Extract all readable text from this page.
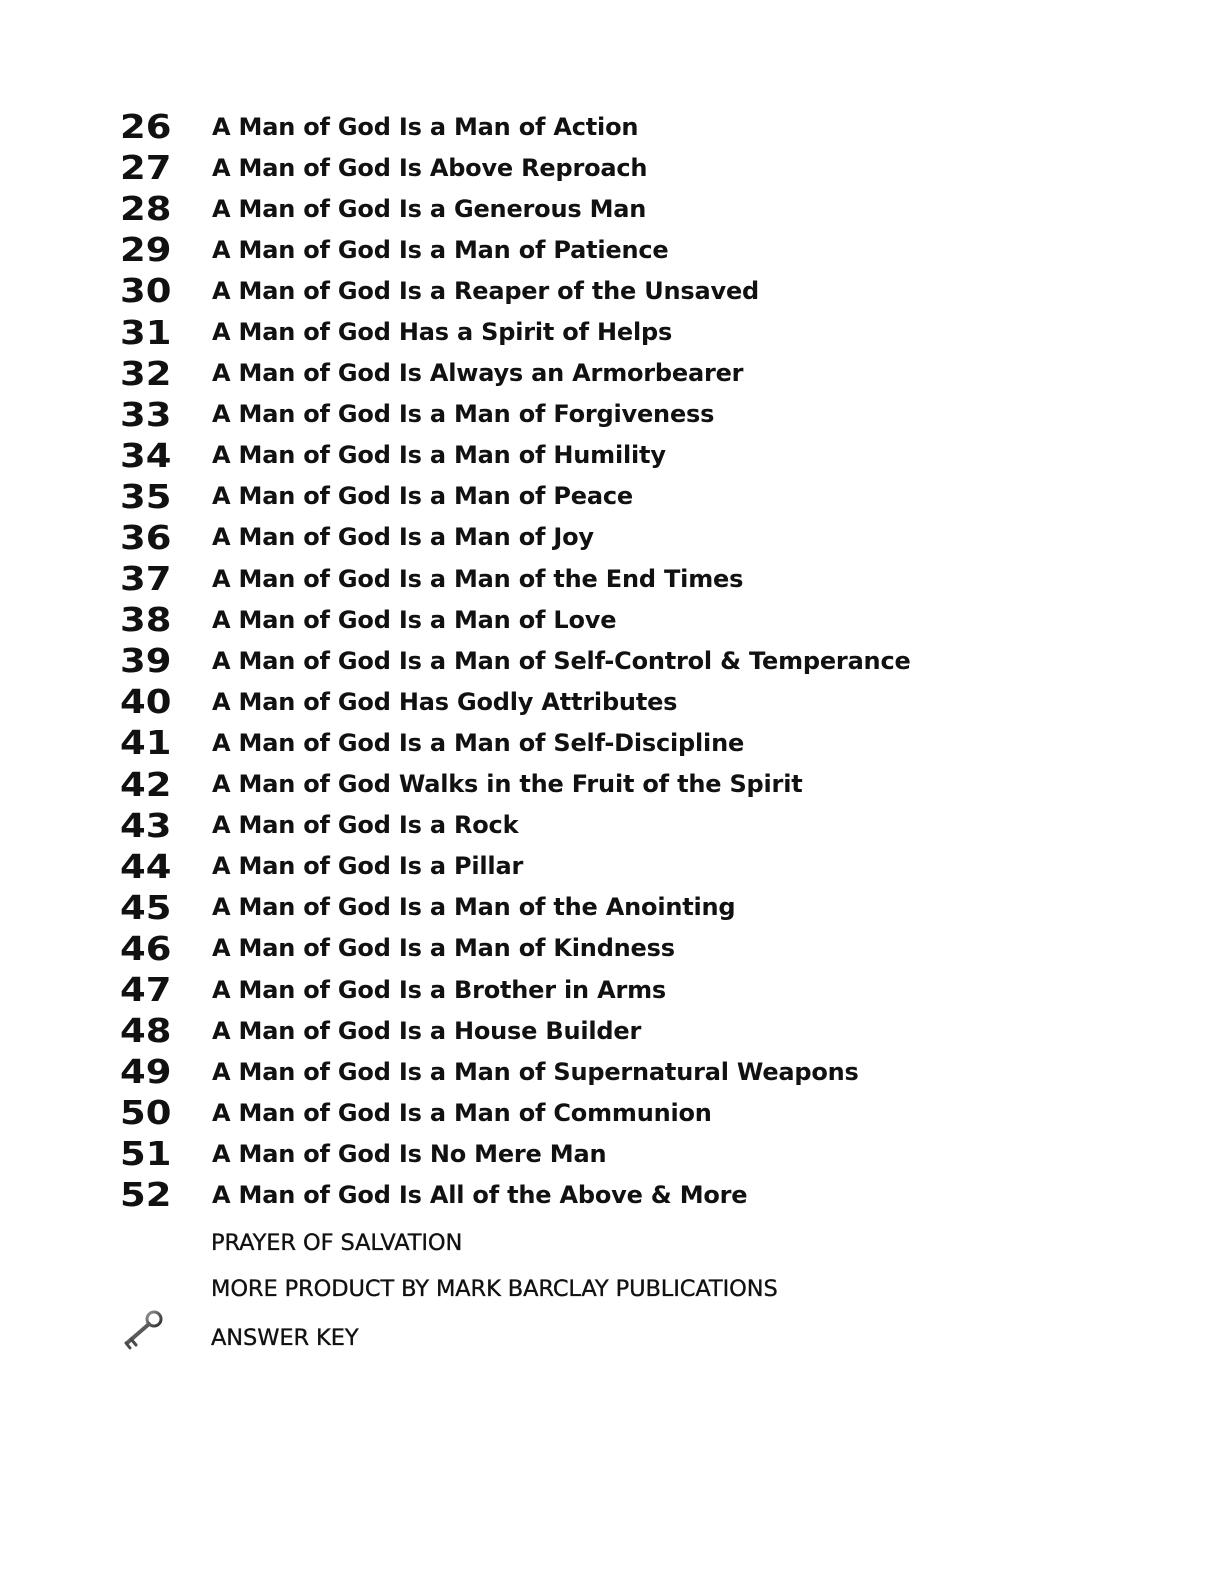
26	A Man of God Is a Man of Action
27	A Man of God Is Above Reproach
28	A Man of God Is a Generous Man
29	A Man of God Is a Man of Patience
30	A Man of God Is a Reaper of the Unsaved
31	A Man of God Has a Spirit of Helps
32	A Man of God Is Always an Armorbearer
33	A Man of God Is a Man of Forgiveness
34	A Man of God Is a Man of Humility
35	A Man of God Is a Man of Peace
36	A Man of God Is a Man of Joy
37	A Man of God Is a Man of the End Times
38	A Man of God Is a Man of Love
39	A Man of God Is a Man of Self-Control & Temperance
40	A Man of God Has Godly Attributes
41	A Man of God Is a Man of Self-Discipline
42	A Man of God Walks in the Fruit of the Spirit
43	A Man of God Is a Rock
44	A Man of God Is a Pillar
45	A Man of God Is a Man of the Anointing
46	A Man of God Is a Man of Kindness
47	A Man of God Is a Brother in Arms
48	A Man of God Is a House Builder
49	A Man of God Is a Man of Supernatural Weapons
50	A Man of God Is a Man of Communion
51	A Man of God Is No Mere Man
52	A Man of God Is All of the Above & More
PRAYER OF SALVATION
MORE PRODUCT BY MARK BARCLAY PUBLICATIONS
ANSWER KEY
